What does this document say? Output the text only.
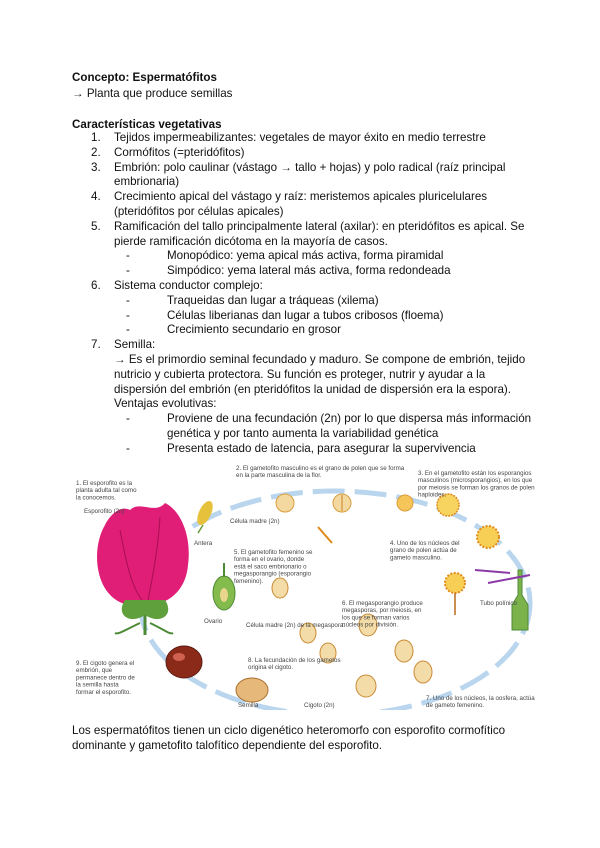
Concepto: Espermatófitos
→ Planta que produce semillas
Características vegetativas
1. Tejidos impermeabilizantes: vegetales de mayor éxito en medio terrestre
2. Cormófitos (=pteridófitos)
3. Embrión: polo caulinar (vástago → tallo + hojas) y polo radical (raíz principal embrionaria)
4. Crecimiento apical del vástago y raíz: meristemos apicales pluricelulares (pteridófitos por células apicales)
5. Ramificación del tallo principalmente lateral (axilar): en pteridófitos es apical. Se pierde ramificación dicótoma en la mayoría de casos.
-	Monopódico: yema apical más activa, forma piramidal
-	Simpódico: yema lateral más activa, forma redondeada
6. Sistema conductor complejo:
-	Traqueidas dan lugar a tráqueas (xilema)
-	Células liberianas dan lugar a tubos cribosos (floema)
-	Crecimiento secundario en grosor
7. Semilla:
→ Es el primordio seminal fecundado y maduro. Se compone de embrión, tejido nutricio y cubierta protectora. Su función es proteger, nutrir y ayudar a la dispersión del embrión (en pteridófitos la unidad de dispersión era la espora). Ventajas evolutivas:
-	Proviene de una fecundación (2n) por lo que dispersa más información genética y por tanto aumenta la variabilidad genética
-	Presenta estado de latencia, para asegurar la supervivencia
1. El esporofito es la planta adulta tal como la conocemos.
2. El gametofito masculino es el grano de polen que se forma en la parte masculina de la flor.	3. En el gametofito están los esporangios masculinos (microsporangios), en los que por meiosis se forman los granos de polen haploides.
4. Uno de los núcleos del grano de polen actúa de gameto masculino.
5. El gametofito femenino se forma en el ovario, donde está el saco embrionario o megasporangio (esporangio femenino).
6. El megasporangio produce megasporas, por meiosis, en los que se forman varios núcleos por división.
7. Uno de los núcleos, la oosfera, actúa de gameto femenino.
8. La fecundación de los gametos origina el cigoto.
9. El cigoto genera el embrión, que permanece dentro de la semilla hasta formar el esporofito.
Esporofito (2n)
Antera
Célula madre (2n)
Ovario
Célula madre (2n) de la megaspora.
Tubo polínico
Cigoto (2n)
Semilla
Los espermatófitos tienen un ciclo digenético heteromorfo con esporofito cormofítico dominante y gametofito talofítico dependiente del esporofito.
